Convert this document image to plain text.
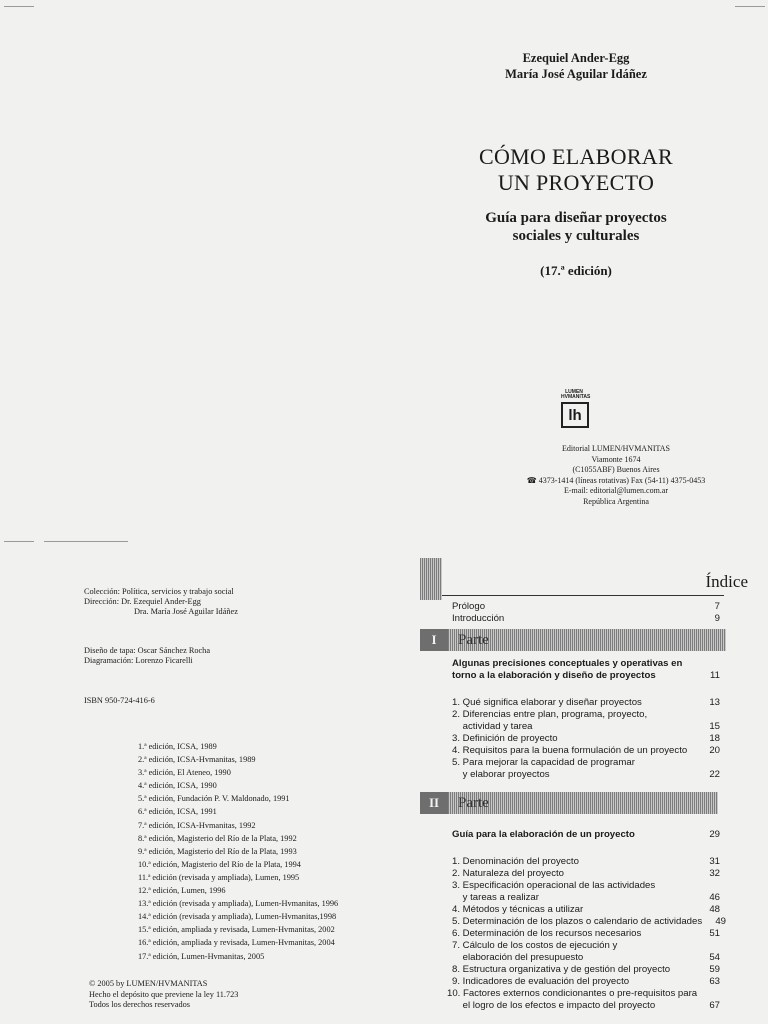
Ezequiel Ander-Egg
María José Aguilar Idáñez
CÓMO ELABORAR
UN PROYECTO
Guía para diseñar proyectos
sociales y culturales
(17.ª edición)
LUMEN
HVMANITAS
lh
Editorial LUMEN/HVMANITAS
Viamonte 1674
(C1055ABF) Buenos Aires
☎ 4373-1414 (líneas rotativas) Fax (54-11) 4375-0453
E-mail: editorial@lumen.com.ar
República Argentina
Colección: Política, servicios y trabajo social
Dirección: Dr. Ezequiel Ander-Egg
Dra. María José Aguilar Idáñez
Diseño de tapa: Oscar Sánchez Rocha
Diagramación: Lorenzo Ficarelli
ISBN 950-724-416-6
1.ª edición, ICSA, 1989
2.ª edición, ICSA-Hvmanitas, 1989
3.ª edición, El Ateneo, 1990
4.ª edición, ICSA, 1990
5.ª edición, Fundación P. V. Maldonado, 1991
6.ª edición, ICSA, 1991
7.ª edición, ICSA-Hvmanitas, 1992
8.ª edición, Magisterio del Río de la Plata, 1992
9.ª edición, Magisterio del Río de la Plata, 1993
10.ª edición, Magisterio del Río de la Plata, 1994
11.ª edición (revisada y ampliada), Lumen, 1995
12.ª edición, Lumen, 1996
13.ª edición (revisada y ampliada), Lumen-Hvmanitas, 1996
14.ª edición (revisada y ampliada), Lumen-Hvmanitas,1998
15.ª edición, ampliada y revisada, Lumen-Hvmanitas, 2002
16.ª edición, ampliada y revisada, Lumen-Hvmanitas, 2004
17.ª edición, Lumen-Hvmanitas, 2005
© 2005 by LUMEN/HVMANITAS
Hecho el depósito que previene la ley 11.723
Todos los derechos reservados
Índice
Prólogo	7
Introducción	9
I	Parte
Algunas precisiones conceptuales y operativas en
torno a la elaboración y diseño de proyectos	11
1. Qué significa elaborar y diseñar proyectos	13
2. Diferencias entre plan, programa, proyecto,
actividad y tarea	15
3. Definición de proyecto	18
4. Requisitos para la buena formulación de un proyecto	20
5. Para mejorar la capacidad de programar
y elaborar proyectos	22
II	Parte
Guía para la elaboración de un proyecto	29
1. Denominación del proyecto	31
2. Naturaleza del proyecto	32
3. Especificación operacional de las actividades
y tareas a realizar	46
4. Métodos y técnicas a utilizar	48
5. Determinación de los plazos o calendario de actividades	49
6. Determinación de los recursos necesarios	51
7. Cálculo de los costos de ejecución y
elaboración del presupuesto	54
8. Estructura organizativa y de gestión del proyecto	59
9. Indicadores de evaluación del proyecto	63
10. Factores externos condicionantes o pre-requisitos para
el logro de los efectos e impacto del proyecto	67
